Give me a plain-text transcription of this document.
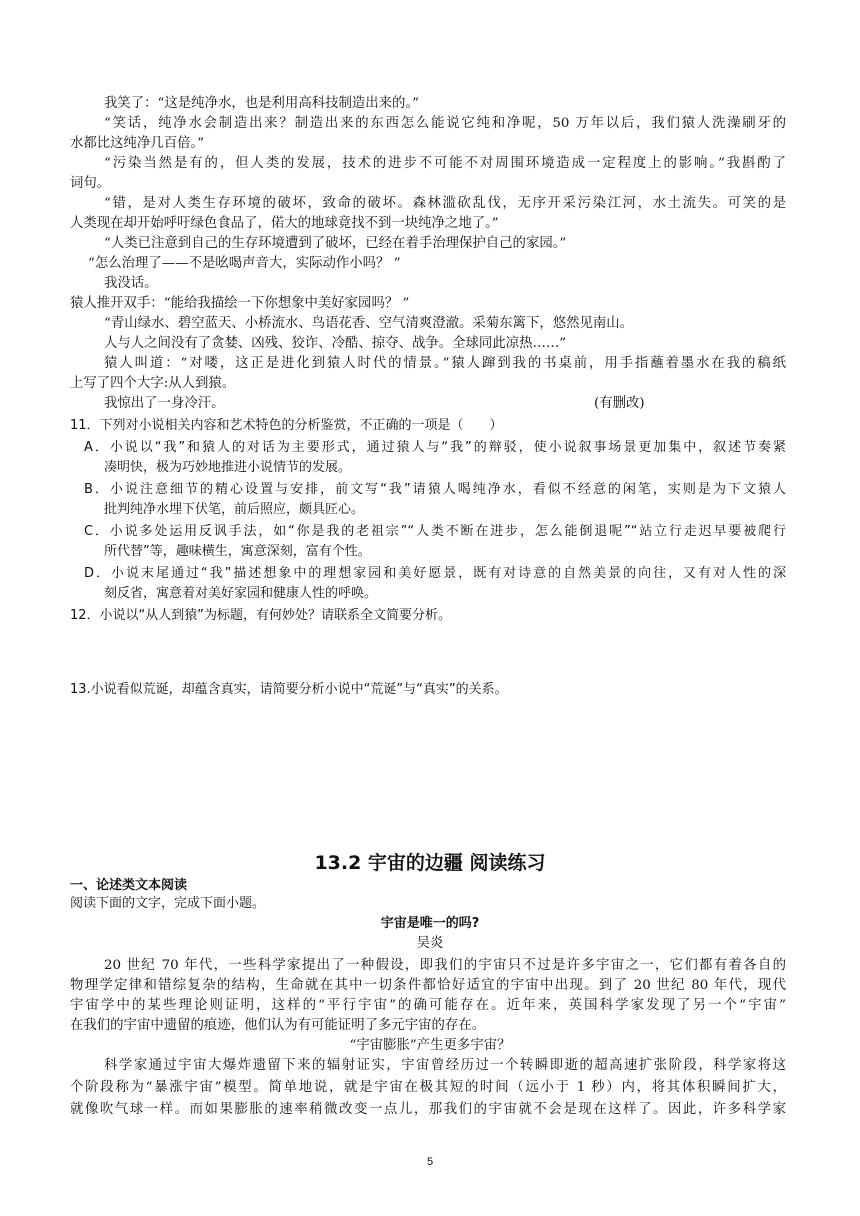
我笑了：“这是纯净水，也是利用高科技制造出来的。”
“笑话，纯净水会制造出来？制造出来的东西怎么能说它纯和净呢，50 万年以后，我们猿人洗澡刷牙的
水都比这纯净几百倍。”
“污染当然是有的，但人类的发展，技术的进步不可能不对周围环境造成一定程度上的影响。”我斟酌了
词句。
“错，是对人类生存环境的破坏，致命的破坏。森林滥砍乱伐，无序开采污染江河，水土流失。可笑的是
人类现在却开始呼吁绿色食品了，偌大的地球竟找不到一块纯净之地了。”
“人类已注意到自己的生存环境遭到了破坏，已经在着手治理保护自己的家园。”
“怎么治理了——不是吆喝声音大，实际动作小吗？ ”
我没话。
猿人推开双手：“能给我描绘一下你想象中美好家园吗？ ”
“青山绿水、碧空蓝天、小桥流水、鸟语花香、空气清爽澄澈。采菊东篱下，悠然见南山。
人与人之间没有了贪婪、凶残、狡诈、冷酷、掠夺、战争。全球同此凉热……”
猿人叫道：“对喽，这正是进化到猿人时代的情景。”猿人蹿到我的书桌前，用手指蘸着墨水在我的稿纸
上写了四个大字:从人到猿。
我惊出了一身冷汗。	(有删改)
11．下列对小说相关内容和艺术特色的分析鉴赏，不正确的一项是（　　）
A．小说以“我”和猿人的对话为主要形式，通过猿人与“我”的辩驳，使小说叙事场景更加集中，叙述节奏紧
凑明快，极为巧妙地推进小说情节的发展。
B．小说注意细节的精心设置与安排，前文写“我”请猿人喝纯净水，看似不经意的闲笔，实则是为下文猿人
批判纯净水埋下伏笔，前后照应，颇具匠心。
C．小说多处运用反讽手法，如“你是我的老祖宗”“人类不断在进步，怎么能倒退呢”“站立行走迟早要被爬行
所代替”等，趣味横生，寓意深刻，富有个性。
D．小说末尾通过“我”描述想象中的理想家园和美好愿景，既有对诗意的自然美景的向往，又有对人性的深
刻反省，寓意着对美好家园和健康人性的呼唤。
12．小说以“从人到猿”为标题，有何妙处？请联系全文简要分析。
13.小说看似荒诞，却蕴含真实，请简要分析小说中“荒诞”与“真实”的关系。
13.2 宇宙的边疆 阅读练习
一、论述类文本阅读
阅读下面的文字，完成下面小题。
宇宙是唯一的吗?
吴炎
20 世纪 70 年代，一些科学家提出了一种假设，即我们的宇宙只不过是许多宇宙之一，它们都有着各自的
物理学定律和错综复杂的结构，生命就在其中一切条件都恰好适宜的宇宙中出现。到了 20 世纪 80 年代，现代
宇宙学中的某些理论则证明，这样的“平行宇宙”的确可能存在。近年来，英国科学家发现了另一个“宇宙”
在我们的宇宙中遗留的痕迹，他们认为有可能证明了多元宇宙的存在。
“宇宙膨胀”产生更多宇宙？
科学家通过宇宙大爆炸遗留下来的辐射证实，宇宙曾经历过一个转瞬即逝的超高速扩张阶段，科学家将这
个阶段称为“暴涨宇宙”模型。简单地说，就是宇宙在极其短的时间（远小于 1 秒）内，将其体积瞬间扩大，
就像吹气球一样。而如果膨胀的速率稍微改变一点儿，那我们的宇宙就不会是现在这样了。因此，许多科学家
5
